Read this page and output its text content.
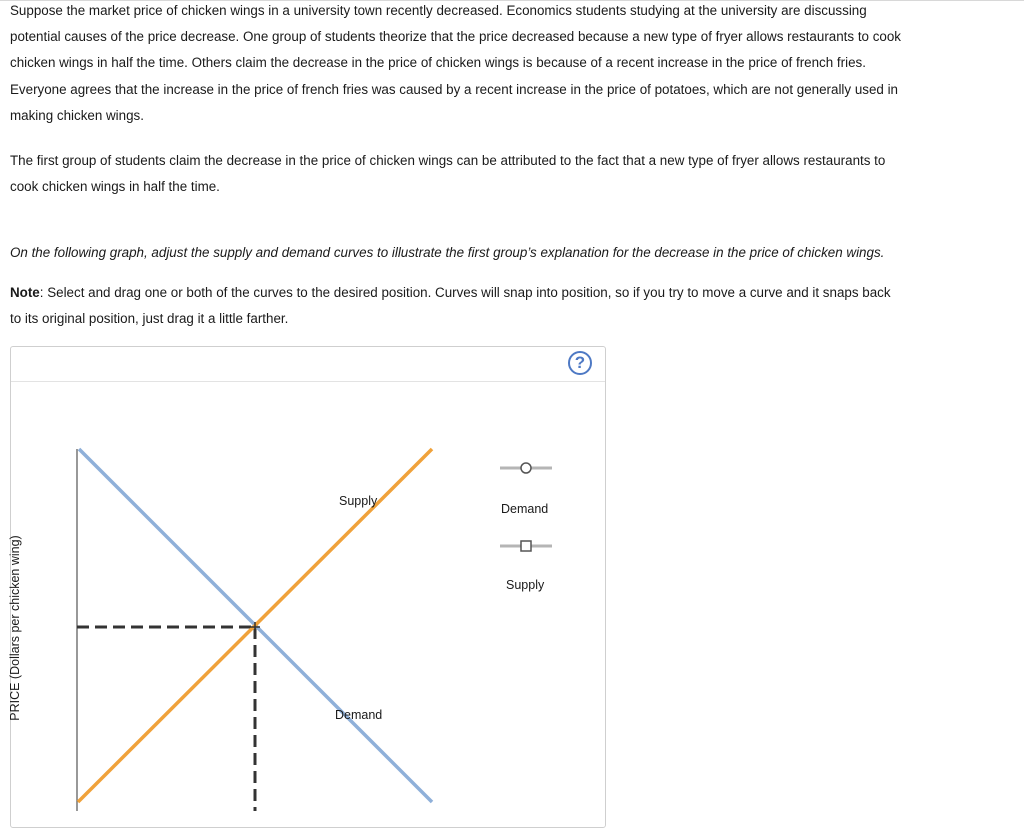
Suppose the market price of chicken wings in a university town recently decreased. Economics students studying at the university are discussing
potential causes of the price decrease. One group of students theorize that the price decreased because a new type of fryer allows restaurants to cook
chicken wings in half the time. Others claim the decrease in the price of chicken wings is because of a recent increase in the price of french fries.
Everyone agrees that the increase in the price of french fries was caused by a recent increase in the price of potatoes, which are not generally used in
making chicken wings.
The first group of students claim the decrease in the price of chicken wings can be attributed to the fact that a new type of fryer allows restaurants to
cook chicken wings in half the time.
On the following graph, adjust the supply and demand curves to illustrate the first group’s explanation for the decrease in the price of chicken wings.
Note: Select and drag one or both of the curves to the desired position. Curves will snap into position, so if you try to move a curve and it snaps back
to its original position, just drag it a little farther.
?
PRICE (Dollars per chicken wing)
Supply
Demand
Demand
Supply
